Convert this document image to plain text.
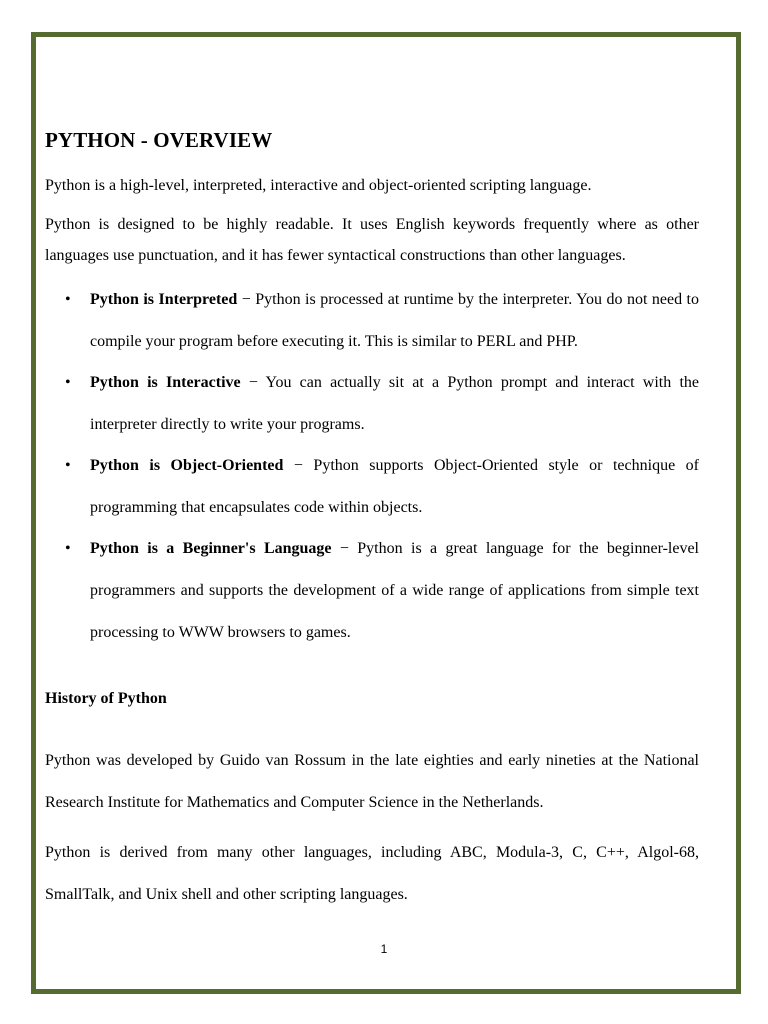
PYTHON - OVERVIEW

Python is a high-level, interpreted, interactive and object-oriented scripting language.

Python is designed to be highly readable. It uses English keywords frequently where as other languages use punctuation, and it has fewer syntactical constructions than other languages.

• Python is Interpreted − Python is processed at runtime by the interpreter. You do not need to compile your program before executing it. This is similar to PERL and PHP.
• Python is Interactive − You can actually sit at a Python prompt and interact with the interpreter directly to write your programs.
• Python is Object-Oriented − Python supports Object-Oriented style or technique of programming that encapsulates code within objects.
• Python is a Beginner's Language − Python is a great language for the beginner-level programmers and supports the development of a wide range of applications from simple text processing to WWW browsers to games.
History of Python

Python was developed by Guido van Rossum in the late eighties and early nineties at the National Research Institute for Mathematics and Computer Science in the Netherlands.

Python is derived from many other languages, including ABC, Modula-3, C, C++, Algol-68, SmallTalk, and Unix shell and other scripting languages.

1
